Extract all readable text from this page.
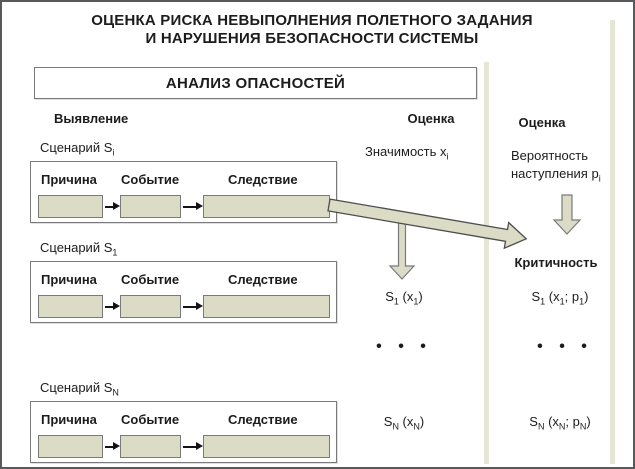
ОЦЕНКА РИСКА НЕВЫПОЛНЕНИЯ ПОЛЕТНОГО ЗАДАНИЯ
И НАРУШЕНИЯ БЕЗОПАСНОСТИ СИСТЕМЫ
АНАЛИЗ ОПАСНОСТЕЙ
Выявление	Оценка	Оценка
Сценарий $S_i$
Причина Событие	Следствие
Сценарий $S_1$
Причина Событие	Следствие
Сценарий $S_N$
Причина Событие	Следствие
Значимость $x_i$
$S_1$ $(x_1)$
• • •
$S_N$ $(x_N)$
Вероятность
наступления $p_i$
Критичность
$S_1$ ($x_1$; $p_1$)
• • •
$S_N$ ($x_N$; $p_N$)
